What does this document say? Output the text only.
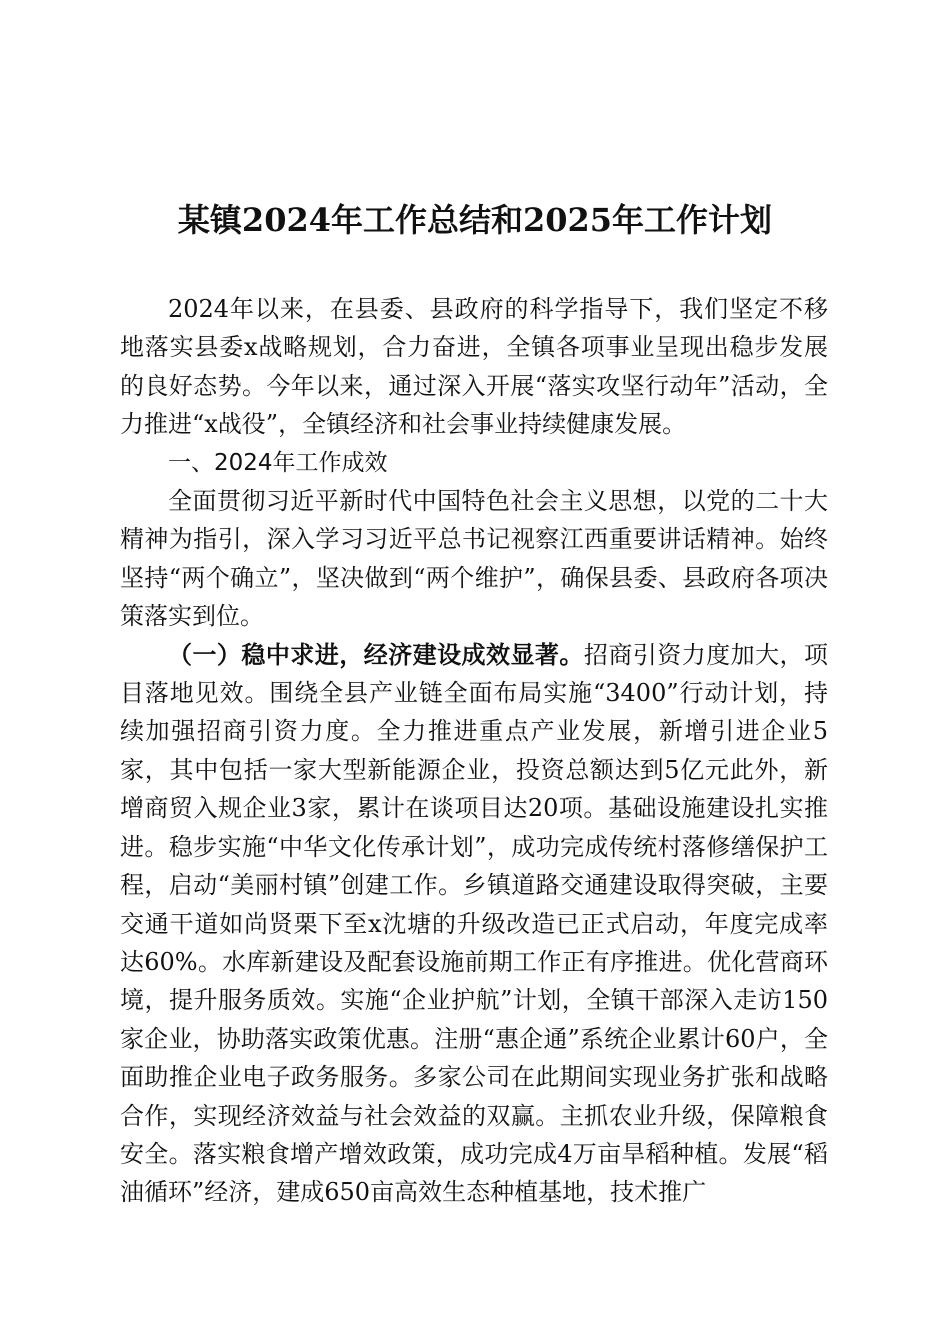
某镇2024年工作总结和2025年工作计划

2024年以来，在县委、县政府的科学指导下，我们坚定不移地落实县委x战略规划，合力奋进，全镇各项事业呈现出稳步发展的良好态势。今年以来，通过深入开展“落实攻坚行动年”活动，全力推进“x战役”，全镇经济和社会事业持续健康发展。

一、2024年工作成效

全面贯彻习近平新时代中国特色社会主义思想，以党的二十大精神为指引，深入学习习近平总书记视察江西重要讲话精神。始终坚持“两个确立”，坚决做到“两个维护”，确保县委、县政府各项决策落实到位。

（一）稳中求进，经济建设成效显著。招商引资力度加大，项目落地见效。围绕全县产业链全面布局实施“3400”行动计划，持续加强招商引资力度。全力推进重点产业发展，新增引进企业5家，其中包括一家大型新能源企业，投资总额达到5亿元此外，新增商贸入规企业3家，累计在谈项目达20项。基础设施建设扎实推进。稳步实施“中华文化传承计划”，成功完成传统村落修缮保护工程，启动“美丽村镇”创建工作。乡镇道路交通建设取得突破，主要交通干道如尚贤栗下至x沈塘的升级改造已正式启动，年度完成率达60%。水库新建设及配套设施前期工作正有序推进。优化营商环境，提升服务质效。实施“企业护航”计划，全镇干部深入走访150家企业，协助落实政策优惠。注册“惠企通”系统企业累计60户，全面助推企业电子政务服务。多家公司在此期间实现业务扩张和战略合作，实现经济效益与社会效益的双赢。主抓农业升级，保障粮食安全。落实粮食增产增效政策，成功完成4万亩旱稻种植。发展“稻油循环”经济，建成650亩高效生态种植基地，技术推广
